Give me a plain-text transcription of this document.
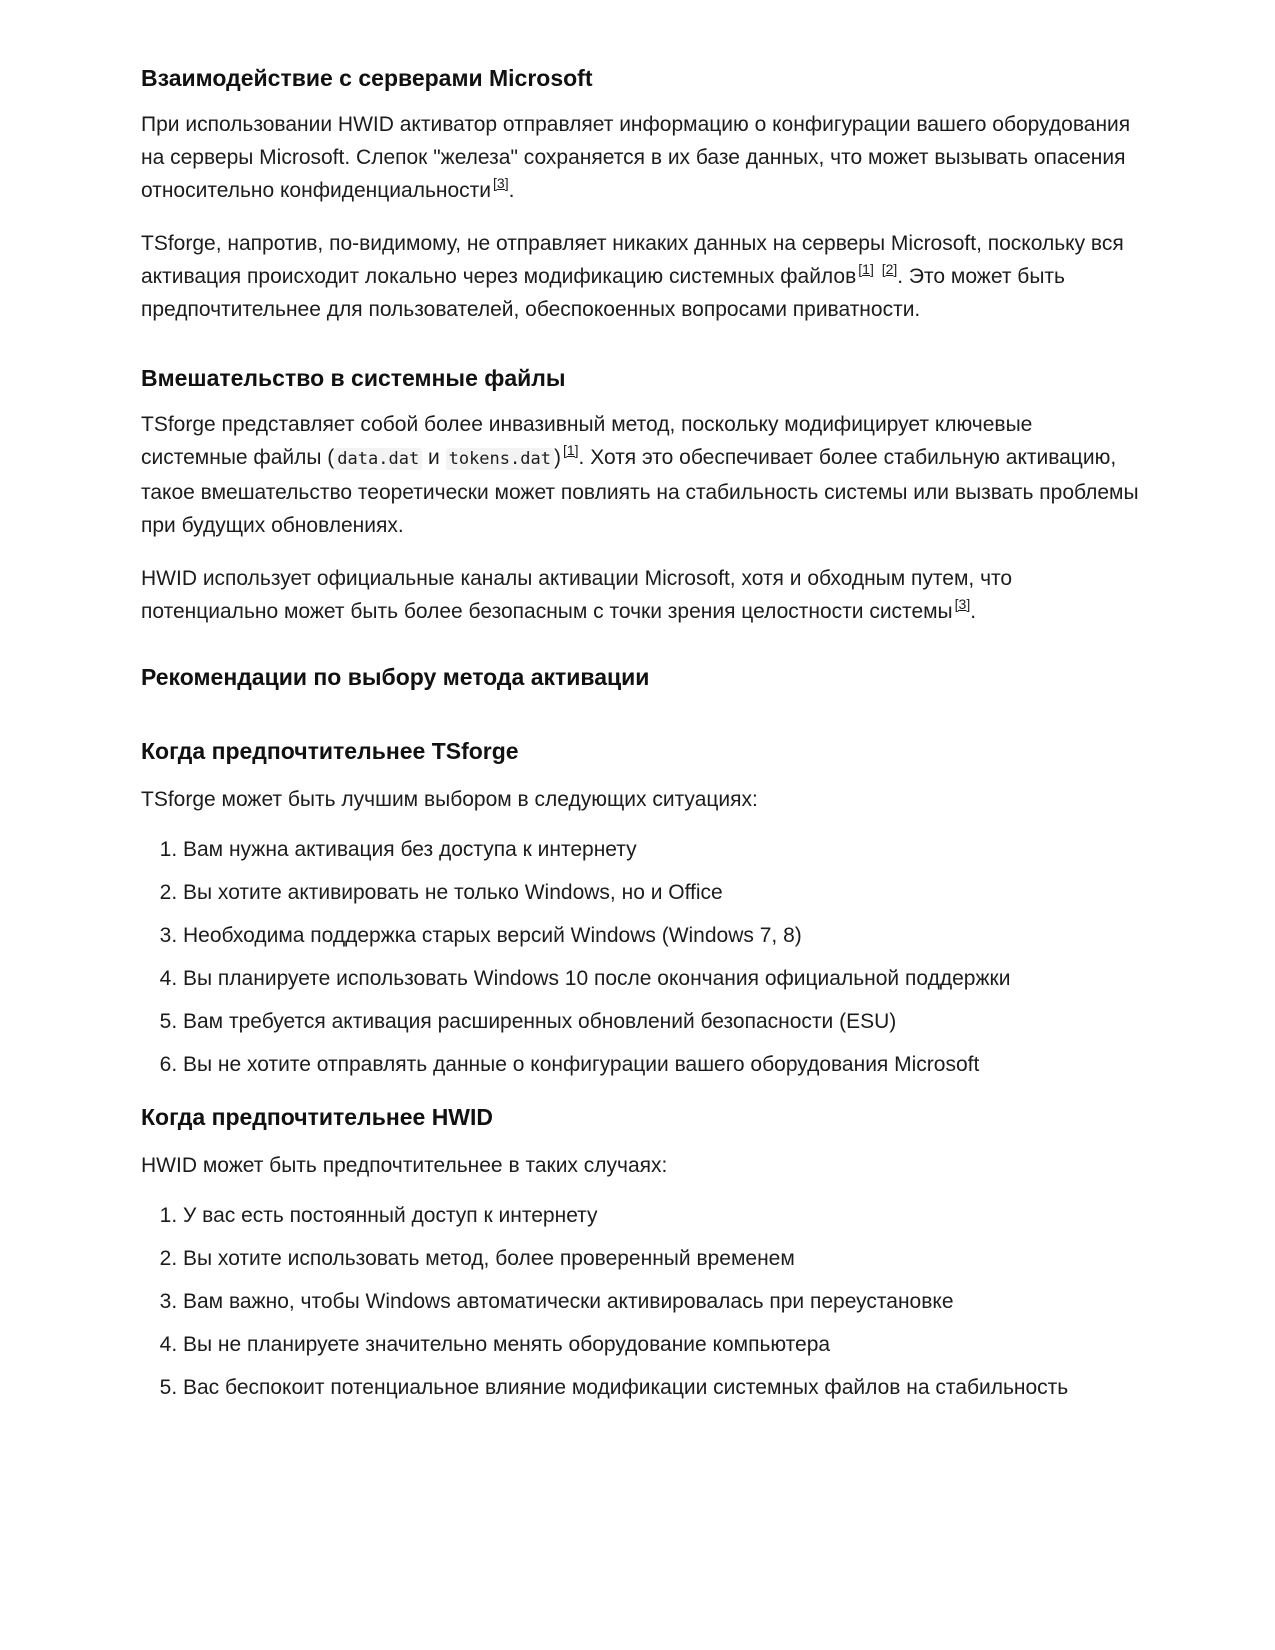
Взаимодействие с серверами Microsoft

При использовании HWID активатор отправляет информацию о конфигурации вашего оборудования на серверы Microsoft. Слепок "железа" сохраняется в их базе данных, что может вызывать опасения относительно конфиденциальности [3].

TSforge, напротив, по-видимому, не отправляет никаких данных на серверы Microsoft, поскольку вся активация происходит локально через модификацию системных файлов [1] [2]. Это может быть предпочтительнее для пользователей, обеспокоенных вопросами приватности.

Вмешательство в системные файлы

TSforge представляет собой более инвазивный метод, поскольку модифицирует ключевые системные файлы ( data.dat и tokens.dat ) [1]. Хотя это обеспечивает более стабильную активацию, такое вмешательство теоретически может повлиять на стабильность системы или вызвать проблемы при будущих обновлениях.

HWID использует официальные каналы активации Microsoft, хотя и обходным путем, что потенциально может быть более безопасным с точки зрения целостности системы [3].

Рекомендации по выбору метода активации
Когда предпочтительнее TSforge

TSforge может быть лучшим выбором в следующих ситуациях:

1. Вам нужна активация без доступа к интернету
2. Вы хотите активировать не только Windows, но и Office
3. Необходима поддержка старых версий Windows (Windows 7, 8)
4. Вы планируете использовать Windows 10 после окончания официальной поддержки
5. Вам требуется активация расширенных обновлений безопасности (ESU)
6. Вы не хотите отправлять данные о конфигурации вашего оборудования Microsoft
Когда предпочтительнее HWID

HWID может быть предпочтительнее в таких случаях:

1. У вас есть постоянный доступ к интернету
2. Вы хотите использовать метод, более проверенный временем
3. Вам важно, чтобы Windows автоматически активировалась при переустановке
4. Вы не планируете значительно менять оборудование компьютера
5. Вас беспокоит потенциальное влияние модификации системных файлов на стабильность
